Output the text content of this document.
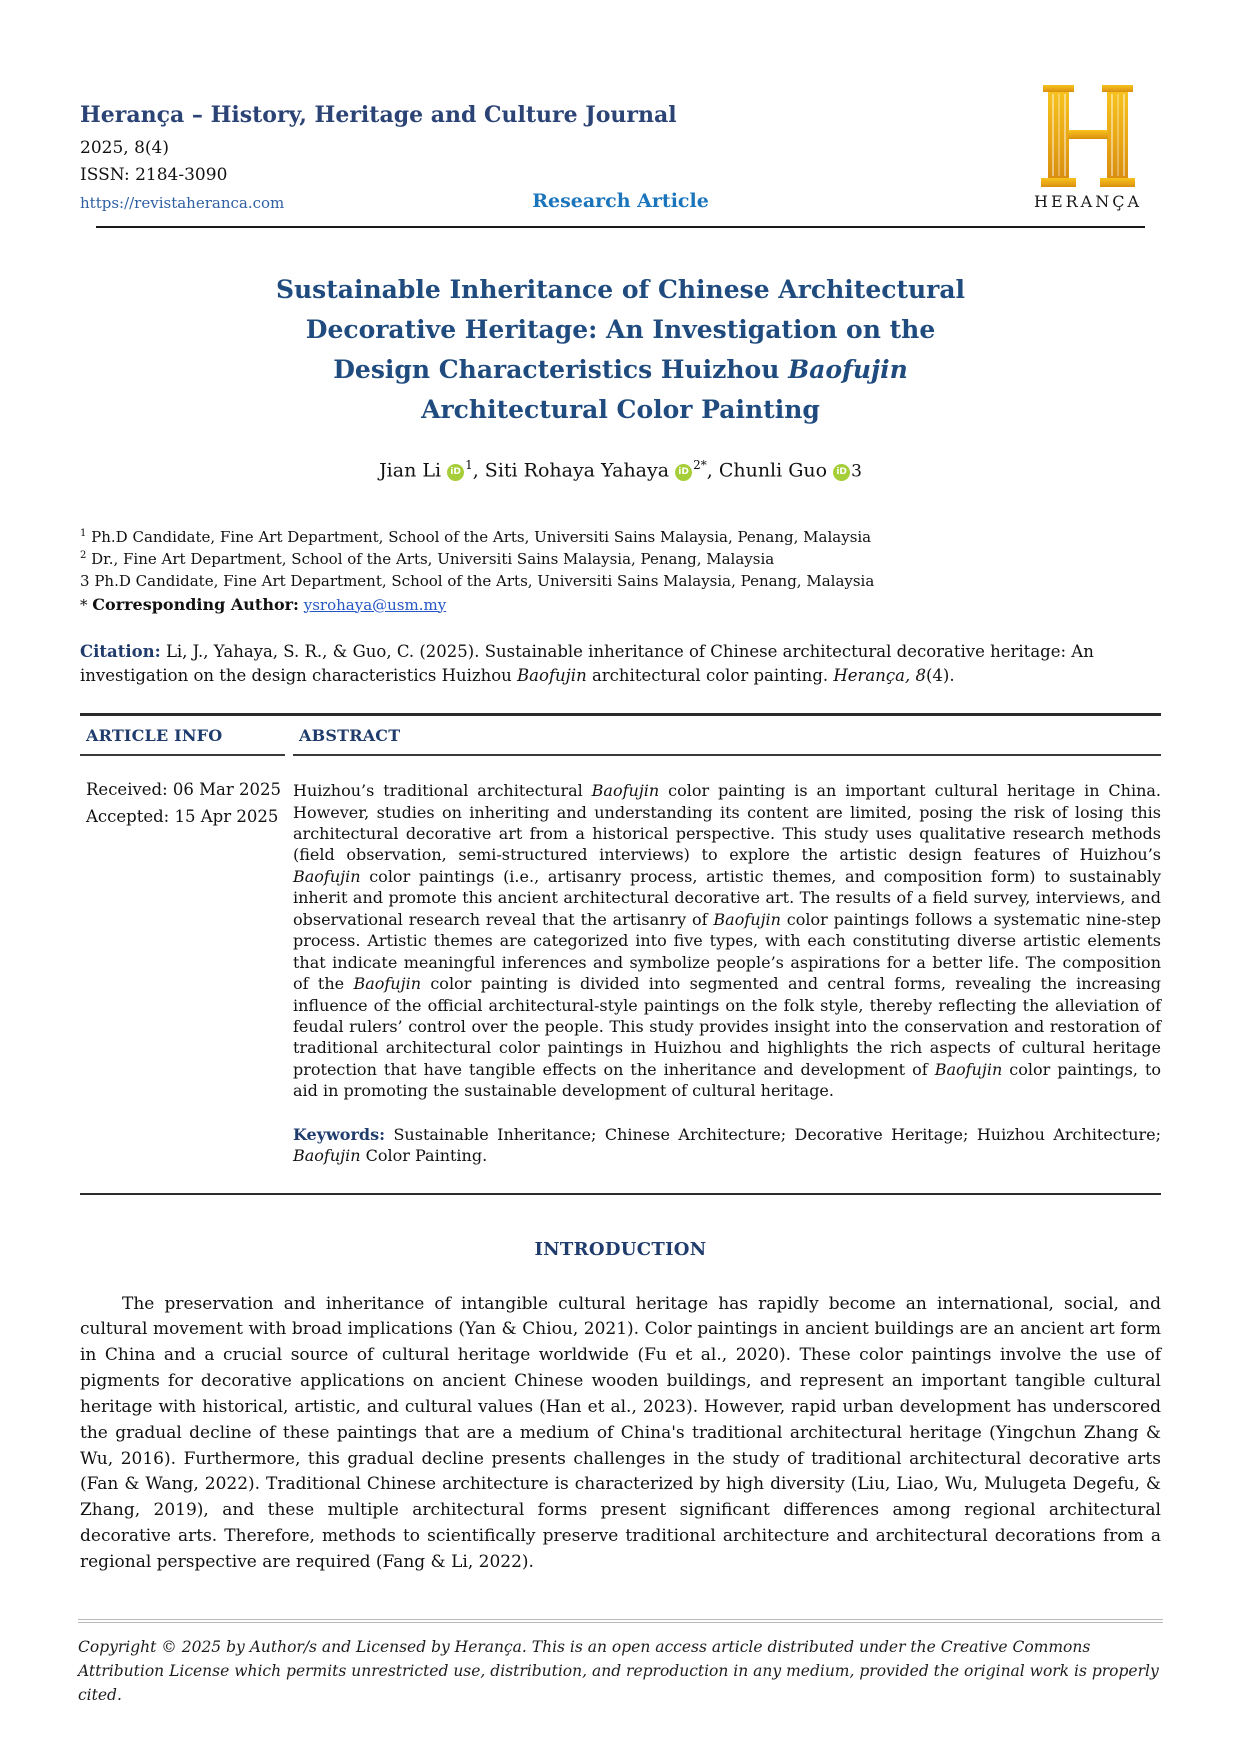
Herança – History, Heritage and Culture Journal
2025, 8(4)
ISSN: 2184-3090
https://revistaheranca.com	Research Article	HERANÇA
Sustainable Inheritance of Chinese Architectural
Decorative Heritage: An Investigation on the
Design Characteristics Huizhou Baofujin
Architectural Color Painting
Jian Li $iD^1$, Siti Rohaya Yahaya $iD^{2*}$, Chunli Guo iD 3
$^1$ Ph.D Candidate, Fine Art Department, School of the Arts, Universiti Sains Malaysia, Penang, Malaysia
$^2$ Dr., Fine Art Department, School of the Arts, Universiti Sains Malaysia, Penang, Malaysia
3 Ph.D Candidate, Fine Art Department, School of the Arts, Universiti Sains Malaysia, Penang, Malaysia
* Corresponding Author: ysrohaya@usm.my

Citation: Li, J., Yahaya, S. R., & Guo, C. (2025). Sustainable inheritance of Chinese architectural decorative heritage: An investigation on the design characteristics Huizhou Baofujin architectural color painting. Herança, 8(4).

ARTICLE INFO	ABSTRACT

Received: 06 Mar 2025

Accepted: 15 Apr 2025

Huizhou’s traditional architectural Baofujin color painting is an important cultural heritage in China. However, studies on inheriting and understanding its content are limited, posing the risk of losing this architectural decorative art from a historical perspective. This study uses qualitative research methods (field observation, semi-structured interviews) to explore the artistic design features of Huizhou’s Baofujin color paintings (i.e., artisanry process, artistic themes, and composition form) to sustainably inherit and promote this ancient architectural decorative art. The results of a field survey, interviews, and observational research reveal that the artisanry of Baofujin color paintings follows a systematic nine-step process. Artistic themes are categorized into five types, with each constituting diverse artistic elements that indicate meaningful inferences and symbolize people’s aspirations for a better life. The composition of the Baofujin color painting is divided into segmented and central forms, revealing the increasing influence of the official architectural-style paintings on the folk style, thereby reflecting the alleviation of feudal rulers’ control over the people. This study provides insight into the conservation and restoration of traditional architectural color paintings in Huizhou and highlights the rich aspects of cultural heritage protection that have tangible effects on the inheritance and development of Baofujin color paintings, to aid in promoting the sustainable development of cultural heritage.

Keywords: Sustainable Inheritance; Chinese Architecture; Decorative Heritage; Huizhou Architecture; Baofujin Color Painting.

INTRODUCTION

The preservation and inheritance of intangible cultural heritage has rapidly become an international, social, and cultural movement with broad implications (Yan & Chiou, 2021). Color paintings in ancient buildings are an ancient art form in China and a crucial source of cultural heritage worldwide (Fu et al., 2020). These color paintings involve the use of pigments for decorative applications on ancient Chinese wooden buildings, and represent an important tangible cultural heritage with historical, artistic, and cultural values (Han et al., 2023). However, rapid urban development has underscored the gradual decline of these paintings that are a medium of China's traditional architectural heritage (Yingchun Zhang & Wu, 2016). Furthermore, this gradual decline presents challenges in the study of traditional architectural decorative arts (Fan & Wang, 2022). Traditional Chinese architecture is characterized by high diversity (Liu, Liao, Wu, Mulugeta Degefu, & Zhang, 2019), and these multiple architectural forms present significant differences among regional architectural decorative arts. Therefore, methods to scientifically preserve traditional architecture and architectural decorations from a regional perspective are required (Fang & Li, 2022).

Copyright © 2025 by Author/s and Licensed by Herança. This is an open access article distributed under the Creative Commons Attribution License which permits unrestricted use, distribution, and reproduction in any medium, provided the original work is properly cited.
